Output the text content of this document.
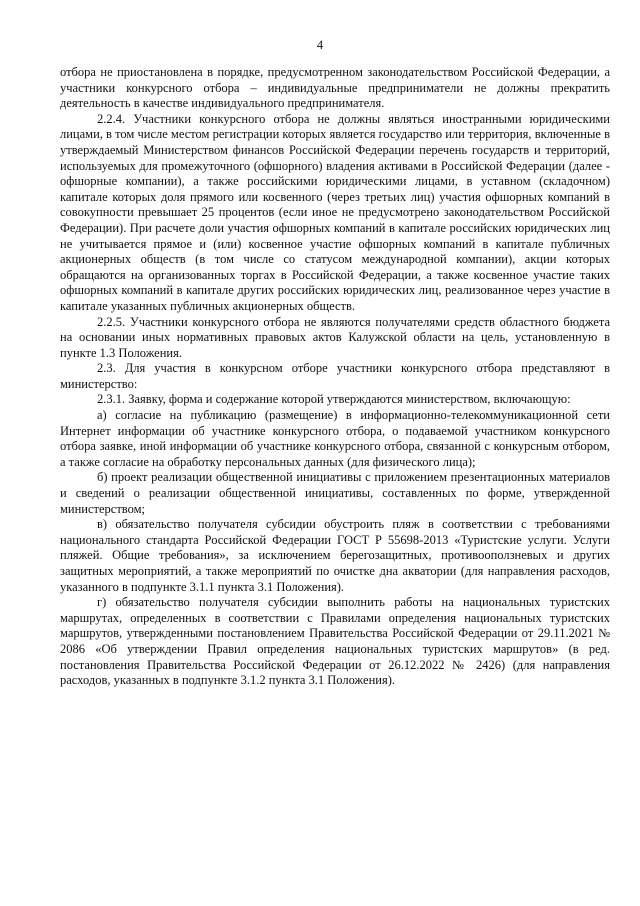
4

отбора не приостановлена в порядке, предусмотренном законодательством Российской Федерации, а участники конкурсного отбора – индивидуальные предприниматели не должны прекратить деятельность в качестве индивидуального предпринимателя.

2.2.4. Участники конкурсного отбора не должны являться иностранными юридическими лицами, в том числе местом регистрации которых является государство или территория, включенные в утверждаемый Министерством финансов Российской Федерации перечень государств и территорий, используемых для промежуточного (офшорного) владения активами в Российской Федерации (далее - офшорные компании), а также российскими юридическими лицами, в уставном (складочном) капитале которых доля прямого или косвенного (через третьих лиц) участия офшорных компаний в совокупности превышает 25 процентов (если иное не предусмотрено законодательством Российской Федерации). При расчете доли участия офшорных компаний в капитале российских юридических лиц не учитывается прямое и (или) косвенное участие офшорных компаний в капитале публичных акционерных обществ (в том числе со статусом международной компании), акции которых обращаются на организованных торгах в Российской Федерации, а также косвенное участие таких офшорных компаний в капитале других российских юридических лиц, реализованное через участие в капитале указанных публичных акционерных обществ.

2.2.5. Участники конкурсного отбора не являются получателями средств областного бюджета на основании иных нормативных правовых актов Калужской области на цель, установленную в пункте 1.3 Положения.

2.3. Для участия в конкурсном отборе участники конкурсного отбора представляют в министерство:

2.3.1. Заявку, форма и содержание которой утверждаются министерством, включающую:

а) согласие на публикацию (размещение) в информационно-телекоммуникационной сети Интернет информации об участнике конкурсного отбора, о подаваемой участником конкурсного отбора заявке, иной информации об участнике конкурсного отбора, связанной с конкурсным отбором, а также согласие на обработку персональных данных (для физического лица);

б) проект реализации общественной инициативы с приложением презентационных материалов и сведений о реализации общественной инициативы, составленных по форме, утвержденной министерством;

в) обязательство получателя субсидии обустроить пляж в соответствии с требованиями национального стандарта Российской Федерации ГОСТ Р 55698-2013 «Туристские услуги. Услуги пляжей. Общие требования», за исключением берегозащитных, противооползневых и других защитных мероприятий, а также мероприятий по очистке дна акватории (для направления расходов, указанного в подпункте 3.1.1 пункта 3.1 Положения).

г) обязательство получателя субсидии выполнить работы на национальных туристских маршрутах, определенных в соответствии с Правилами определения национальных туристских маршрутов, утвержденными постановлением Правительства Российской Федерации от 29.11.2021 № 2086 «Об утверждении Правил определения национальных туристских маршрутов» (в ред. постановления Правительства Российской Федерации от 26.12.2022 № 2426) (для направления расходов, указанных в подпункте 3.1.2 пункта 3.1 Положения).
